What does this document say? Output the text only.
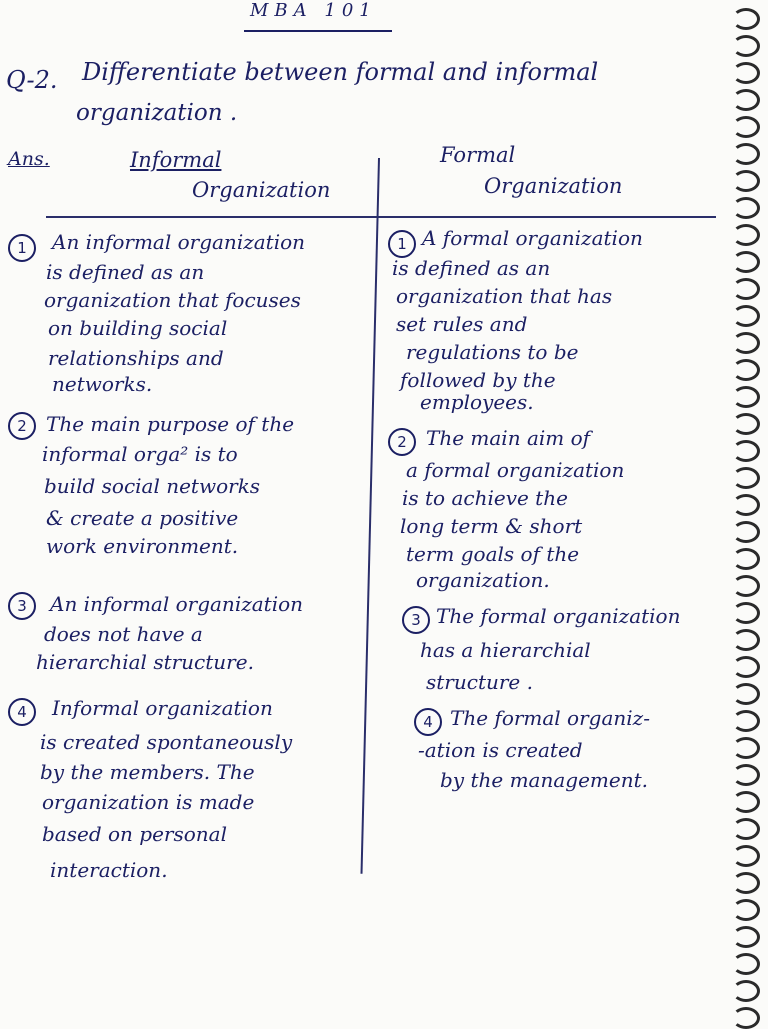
MBA 101
Q-2. Differentiate between formal and informal
organization .
Ans.	Informal
Organization
Formal
Organization
1	An informal organization
is defined as an
organization that focuses
on building social
relationships and
networks.
2 The main purpose of the
informal orga² is to
build social networks
& create a positive
work environment.
3	An informal organization
does not have a
hierarchial structure.
4	Informal organization
is created spontaneously
by the members. The
organization is made
based on personal
interaction.
1 A formal organization
is defined as an
organization that has
set rules and
regulations to be
followed by the
employees.
2 The main aim of
a formal organization
is to achieve the
long term & short
term goals of the
organization.
3 The formal organization
has a hierarchial
structure .
4 The formal organiz-
-ation is created
by the management.
